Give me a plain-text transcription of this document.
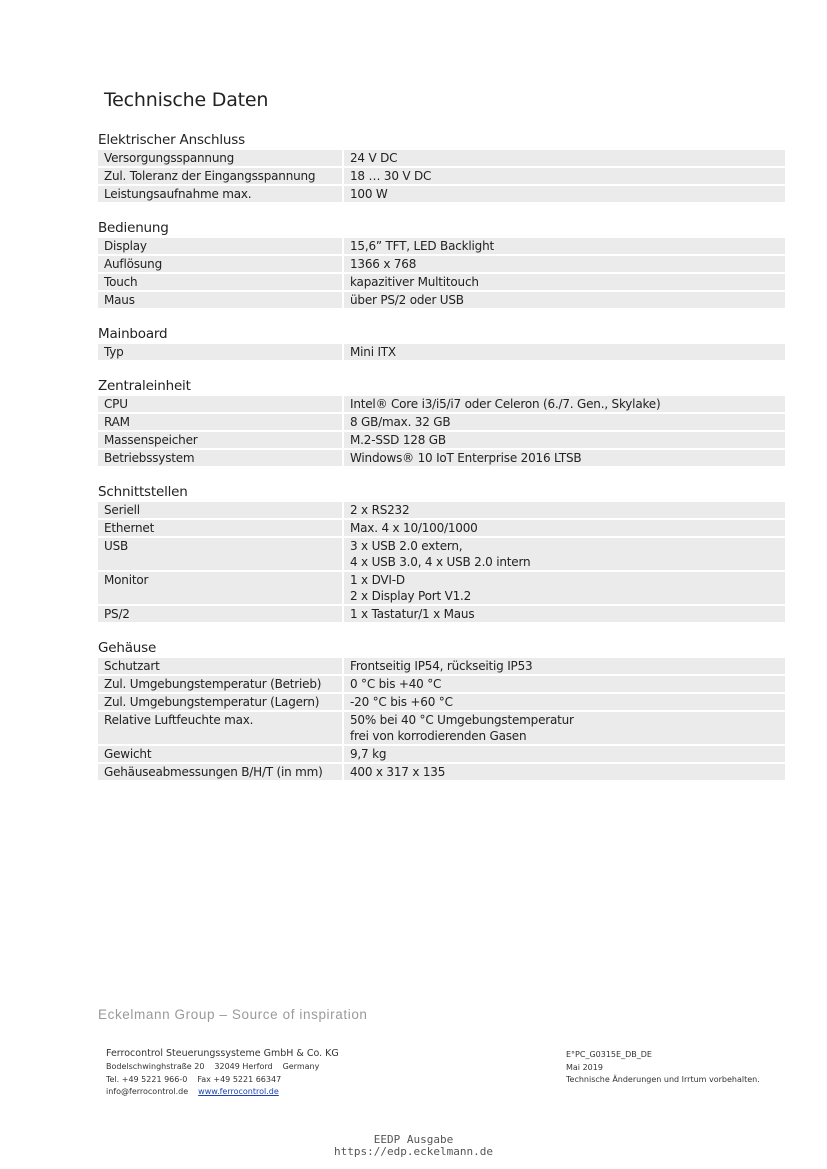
Technische Daten
Elektrischer Anschluss
Versorgungsspannung	24 V DC
Zul. Toleranz der Eingangsspannung	18 … 30 V DC
Leistungsaufnahme max.	100 W
Bedienung
Display	15,6” TFT, LED Backlight
Auflösung	1366 x 768
Touch	kapazitiver Multitouch
Maus	über PS/2 oder USB
Mainboard
Typ	Mini ITX
Zentraleinheit
CPU	Intel® Core i3/i5/i7 oder Celeron (6./7. Gen., Skylake)
RAM	8 GB/max. 32 GB
Massenspeicher	M.2-SSD 128 GB
Betriebssystem	Windows® 10 IoT Enterprise 2016 LTSB
Schnittstellen
Seriell	2 x RS232
Ethernet	Max. 4 x 10/100/1000
USB	3 x USB 2.0 extern,
4 x USB 3.0, 4 x USB 2.0 intern
Monitor	1 x DVI-D
2 x Display Port V1.2
PS/2	1 x Tastatur/1 x Maus
Gehäuse
Schutzart	Frontseitig IP54, rückseitig IP53
Zul. Umgebungstemperatur (Betrieb)	0 °C bis +40 °C
Zul. Umgebungstemperatur (Lagern)	-20 °C bis +60 °C
Relative Luftfeuchte max.	50% bei 40 °C Umgebungstemperatur
frei von korrodierenden Gasen
Gewicht	9,7 kg
Gehäuseabmessungen B/H/T (in mm)	400 x 317 x 135
Eckelmann Group – Source of inspiration
Ferrocontrol Steuerungssysteme GmbH & Co. KG
Bodelschwinghstraße 20 32049 Herford Germany
Tel. +49 5221 966-0 Fax +49 5221 66347
info@ferrocontrol.de www.ferrocontrol.de
E°PC_G0315E_DB_DE
Mai 2019
Technische Änderungen und Irrtum vorbehalten.
EEDP Ausgabe
https://edp.eckelmann.de
